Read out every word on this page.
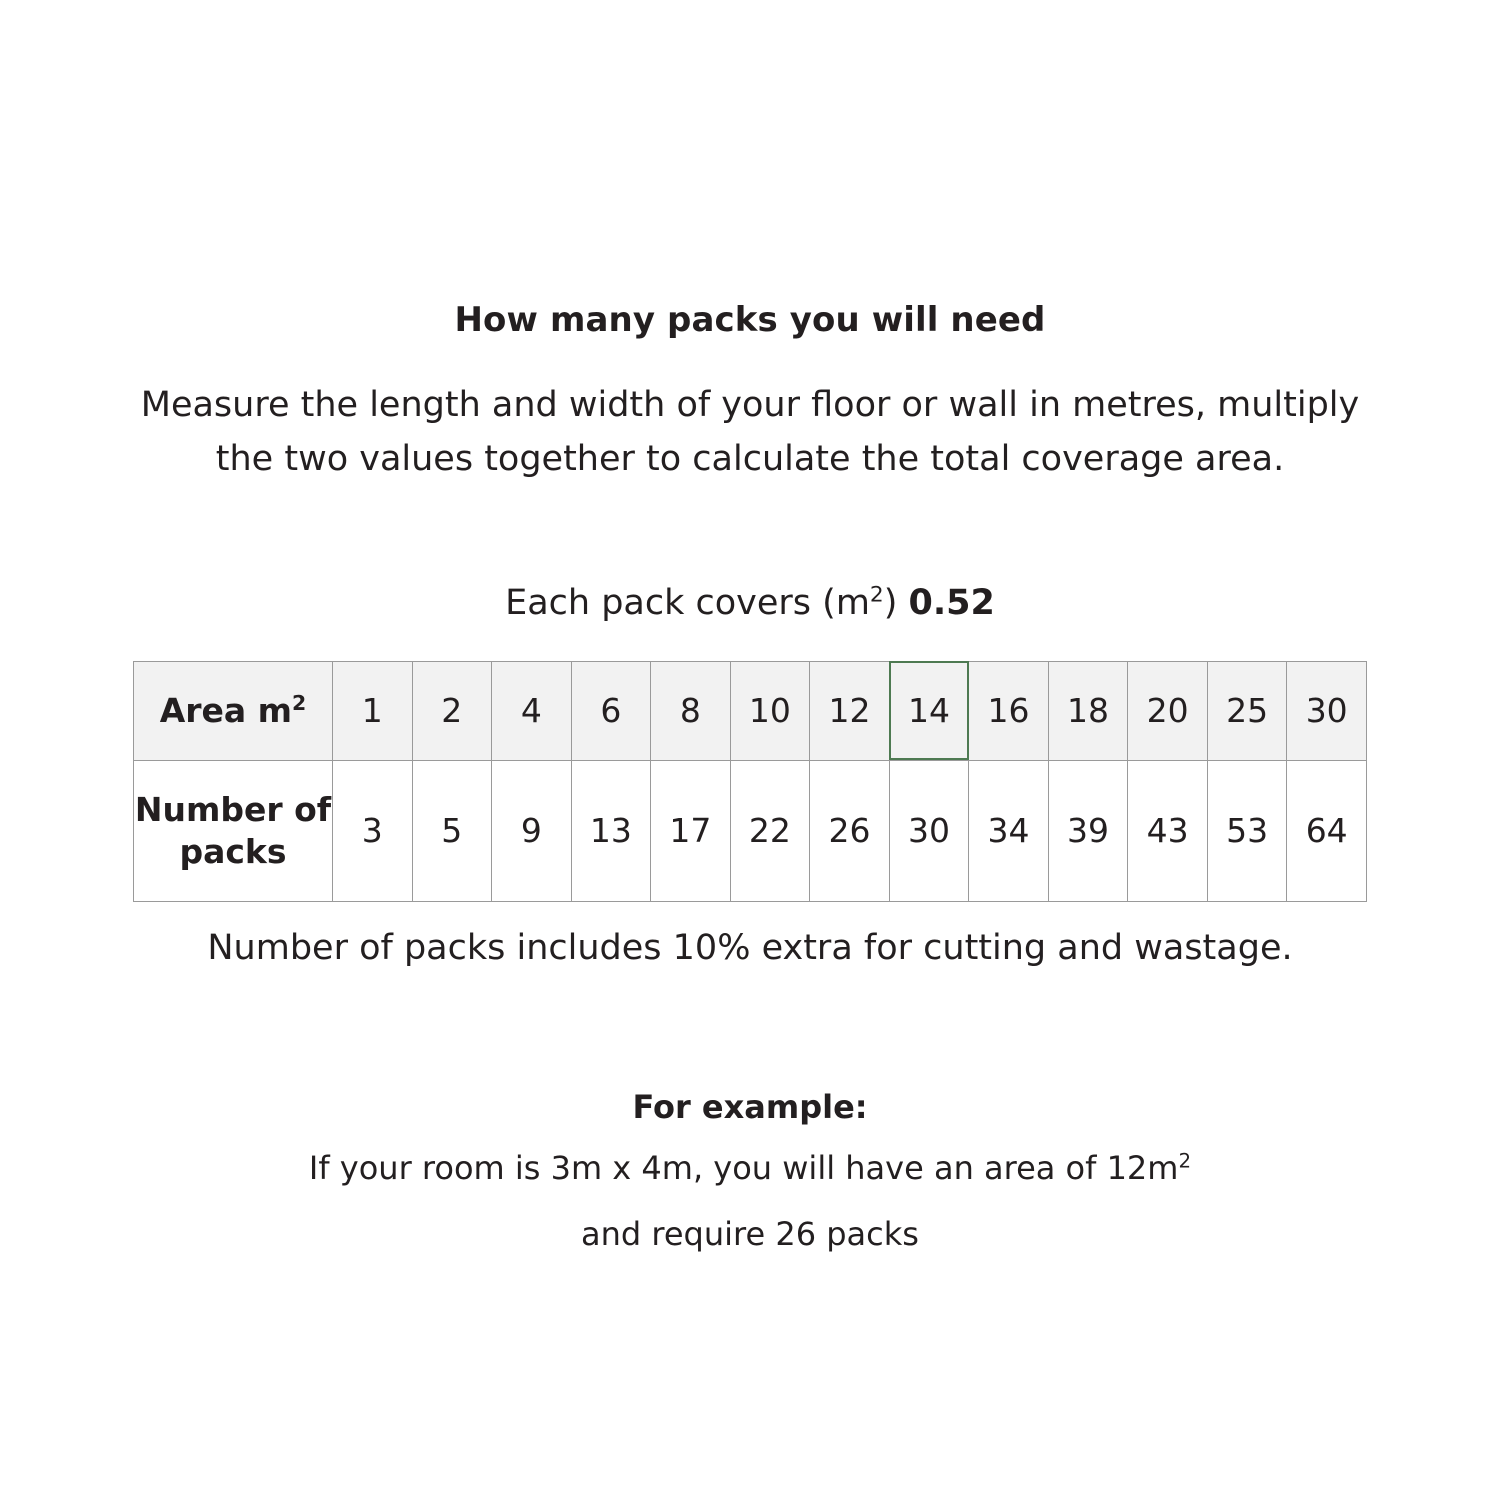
How many packs you will need
Measure the length and width of your floor or wall in metres, multiply the two values together to calculate the total coverage area.
Each pack covers $(m^2)$ 0.52
Area $m^2$	1	2	4	6	8	10	12	14	16	18	20	25	30
Number of packs	3	5	9	13	17	22	26	30	34	39	43	53	64
Number of packs includes 10% extra for cutting and wastage.
For example:
If your room is 3m x 4m, you will have an area of $12m^2$
and require 26 packs
